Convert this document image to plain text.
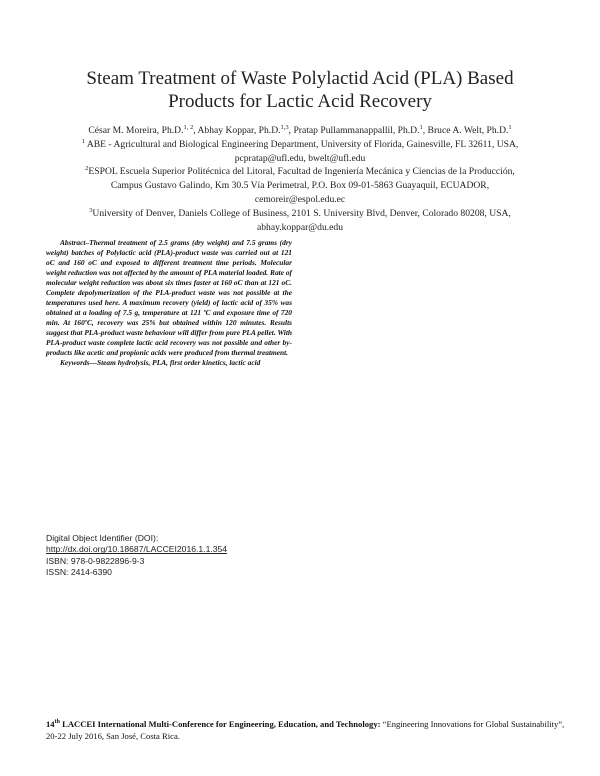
Steam Treatment of Waste Polylactid Acid (PLA) Based
Products for Lactic Acid Recovery

César M. Moreira, Ph.D.$^{1, 2}$, Abhay Koppar, Ph.D.$^{1,3}$, Pratap Pullammanappallil, Ph.D.$^1$, Bruce A. Welt, Ph.D.$^1$

$^1$ ABE - Agricultural and Biological Engineering Department, University of Florida, Gainesville, FL 32611, USA,

pcpratap@ufl.edu, bwelt@ufl.edu

$^2$ESPOL Escuela Superior Politécnica del Litoral, Facultad de Ingeniería Mecánica y Ciencias de la Producción,

Campus Gustavo Galindo, Km 30.5 Vía Perimetral, P.O. Box 09-01-5863 Guayaquil, ECUADOR,

cemoreir@espol.edu.ec

$^3$University of Denver, Daniels College of Business, 2101 S. University Blvd, Denver, Colorado 80208, USA,

abhay.koppar@du.edu

Abstract–Thermal treatment of 2.5 grams (dry weight) and 7.5 grams (dry weight) batches of Polylactic acid (PLA)-product waste was carried out at 121 oC and 160 oC and exposed to different treatment time periods. Molecular weight reduction was not affected by the amount of PLA material loaded. Rate of molecular weight reduction was about six times faster at 160 oC than at 121 oC. Complete depolymerization of the PLA-product waste was not possible at the temperatures used here. A maximum recovery (yield) of lactic acid of 35% was obtained at a loading of 7.5 g, temperature at 121 ºC and exposure time of 720 min. At 160ºC, recovery was 25% but obtained within 120 minutes. Results suggest that PLA-product waste behaviour will differ from pure PLA pellet. With PLA-product waste complete lactic acid recovery was not possible and other by-products like acetic and propionic acids were produced from thermal treatment.

Keywords—Steam hydrolysis, PLA, first order kinetics, lactic acid

Digital Object Identifier (DOI):
http://dx.doi.org/10.18687/LACCEI2016.1.1.354
ISBN: 978-0-9822896-9-3
ISSN: 2414-6390
14th LACCEI International Multi-Conference for Engineering, Education, and Technology: “Engineering Innovations for Global Sustainability”, 20-22 July 2016, San José, Costa Rica.
